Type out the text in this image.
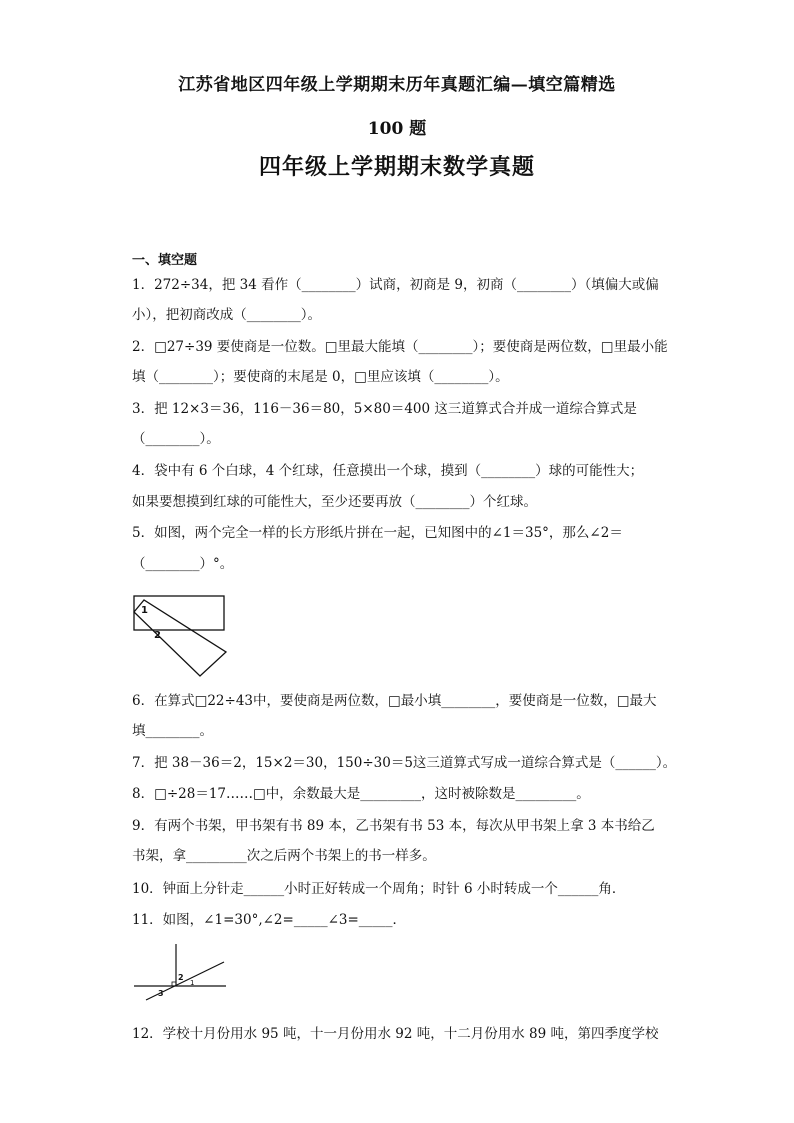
江苏省地区四年级上学期期末历年真题汇编—填空篇精选
100 题
四年级上学期期末数学真题
一、填空题
1．272÷34，把 34 看作（________）试商，初商是 9，初商（________）（填偏大或偏
小），把初商改成（________）。
2．□27÷39 要使商是一位数。□里最大能填（________）；要使商是两位数，□里最小能
填（________）；要使商的末尾是 0，□里应该填（________）。
3．把 12×3＝36，116－36＝80，5×80＝400 这三道算式合并成一道综合算式是
（________）。
4．袋中有 6 个白球，4 个红球，任意摸出一个球，摸到（________）球的可能性大；
如果要想摸到红球的可能性大，至少还要再放（________）个红球。
5．如图，两个完全一样的长方形纸片拼在一起，已知图中的∠1＝35°，那么∠2＝
（________）°。
1
2
6．在算式□22÷43中，要使商是两位数，□最小填________，要使商是一位数，□最大
填________。
7．把 38－36＝2，15×2＝30，150÷30＝5这三道算式写成一道综合算式是（______）。
8．□÷28＝17……□中，余数最大是_________，这时被除数是_________。
9．有两个书架，甲书架有书 89 本，乙书架有书 53 本，每次从甲书架上拿 3 本书给乙
书架，拿_________次之后两个书架上的书一样多。
10．钟面上分针走______小时正好转成一个周角；时针 6 小时转成一个______角．
11．如图，∠1=30°,∠2=_____∠3=_____．
2
1
3
12．学校十月份用水 95 吨，十一月份用水 92 吨，十二月份用水 89 吨，第四季度学校
